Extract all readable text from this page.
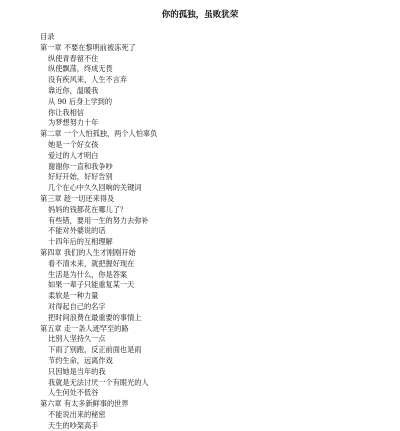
你的孤独，虽败犹荣
目录
第一章 不要在黎明前被冻死了
纵使青春留不住
纵使飘荡，终成无畏
没有疾风来，人生不言弃
靠近你，温暖我
从 90 后身上学到的
你让我相信
为梦想努力十年
第二章 一个人怕孤独，两个人怕辜负
她是一个好女孩
爱过的人才明白
谢谢你一直和我争吵
好好开始，好好告别
几个在心中久久回响的关键词
第三章 趁一切还来得及
妈妈的钱都花在哪儿了？
有些错，要用一生的努力去弥补
不能对外婆说的话
十四年后的互相理解
第四章 我们的人生才刚刚开始
看不清未来，就把握好现在
生活是为什么，你是答案
如果一辈子只能重复某一天
柔软是一种力量
对得起自己的名字
把时间浪费在最重要的事情上
第五章 走一条人迹罕至的路
比别人坚持久一点
下雨了别跑，反正前面也是雨
节约生命，远离作戏
只因她是当年的我
我就是无法讨厌一个有眼光的人
人生何处不低谷
第六章 有太多新鲜事的世界
不能说出来的秘密
天生的吵架高手
